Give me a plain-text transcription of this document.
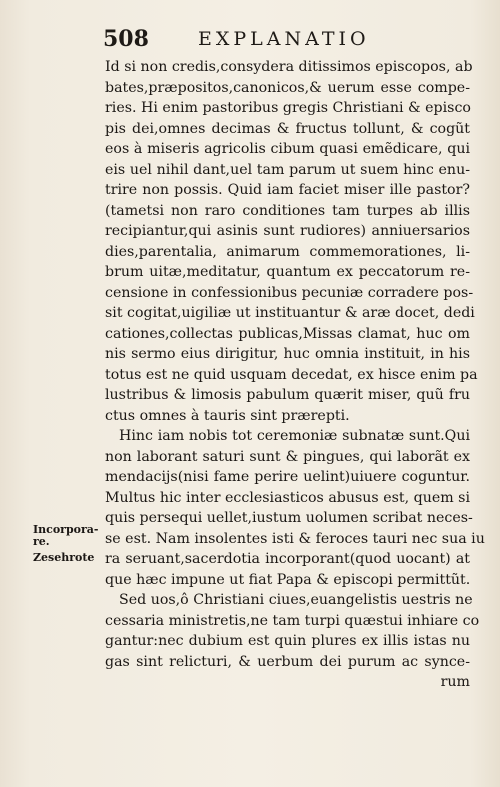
508	EXPLANATIO
Incorpora-re.
Zesehrote
Id si non credis,consydera ditissimos episcopos, ab
bates,præpositos,canonicos,& uerum esse compe-
ries. Hi enim pastoribus gregis Christiani & episco
pis dei,omnes decimas & fructus tollunt, & cogũt
eos à miseris agricolis cibum quasi emẽdicare, qui
eis uel nihil dant,uel tam parum ut suem hinc enu-
trire non possis. Quid iam faciet miser ille pastor?
(tametsi non raro conditiones tam turpes ab illis
recipiantur,qui asinis sunt rudiores) anniuersarios
dies,parentalia, animarum commemorationes, li-
brum uitæ,meditatur, quantum ex peccatorum re-
censione in confessionibus pecuniæ corradere pos-
sit cogitat,uigiliæ ut instituantur & aræ docet, dedi
cationes,collectas publicas,Missas clamat, huc om
nis sermo eius dirigitur, huc omnia instituit, in his
totus est ne quid usquam decedat, ex hisce enim pa
lustribus & limosis pabulum quærit miser, quũ fru
ctus omnes à tauris sint prærepti.
Hinc iam nobis tot ceremoniæ subnatæ sunt.Qui
non laborant saturi sunt & pingues, qui laborãt ex
mendacijs(nisi fame perire uelint)uiuere coguntur.
Multus hic inter ecclesiasticos abusus est, quem si
quis persequi uellet,iustum uolumen scribat neces-
se est. Nam insolentes isti & feroces tauri nec sua iu
ra seruant,sacerdotia incorporant(quod uocant) at
que hæc impune ut fiat Papa & episcopi permittũt.
Sed uos,ô Christiani ciues,euangelistis uestris ne
cessaria ministretis,ne tam turpi quæstui inhiare co
gantur:nec dubium est quin plures ex illis istas nu
gas sint relicturi, & uerbum dei purum ac synce-
rum
